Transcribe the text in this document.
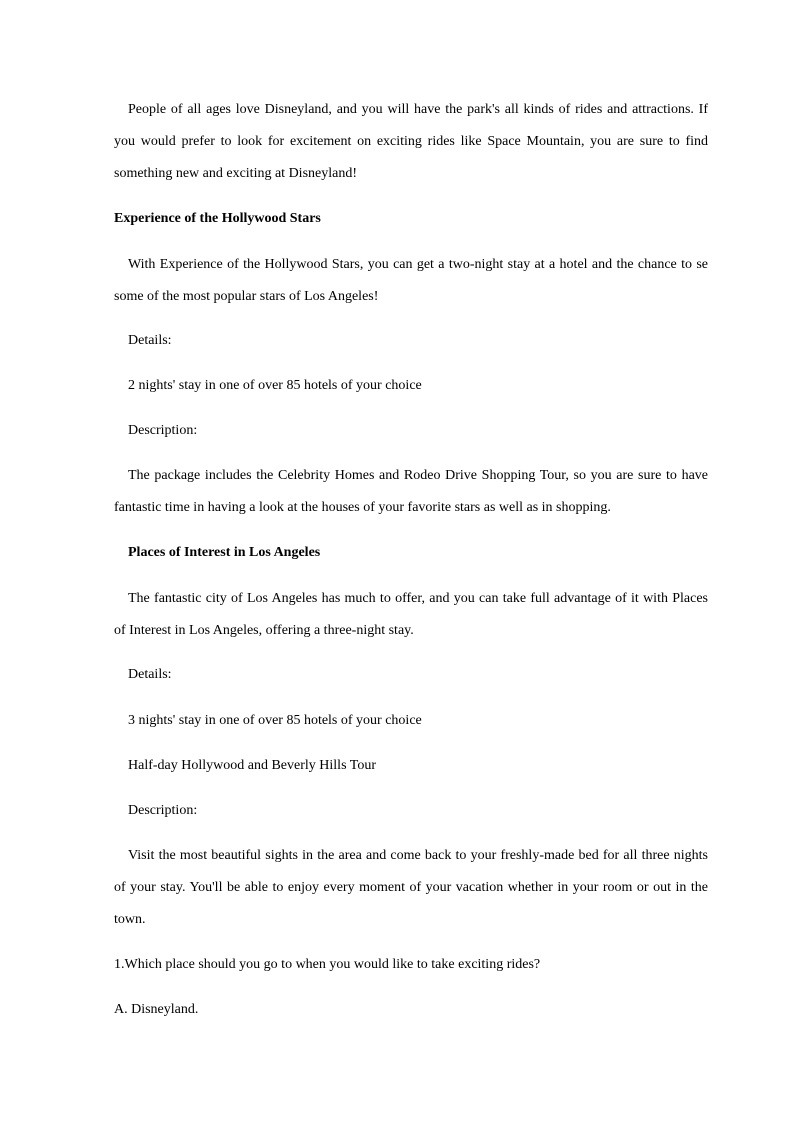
People of all ages love Disneyland, and you will have the park's all kinds of rides and attractions. If you would prefer to look for excitement on exciting rides like Space Mountain, you are sure to find something new and exciting at Disneyland!

Experience of the Hollywood Stars

With Experience of the Hollywood Stars, you can get a two-night stay at a hotel and the chance to se some of the most popular stars of Los Angeles!

Details:
2 nights' stay in one of over 85 hotels of your choice
Description:

The package includes the Celebrity Homes and Rodeo Drive Shopping Tour, so you are sure to have fantastic time in having a look at the houses of your favorite stars as well as in shopping.

Places of Interest in Los Angeles

The fantastic city of Los Angeles has much to offer, and you can take full advantage of it with Places of Interest in Los Angeles, offering a three-night stay.

Details:
3 nights' stay in one of over 85 hotels of your choice
Half-day Hollywood and Beverly Hills Tour
Description:

Visit the most beautiful sights in the area and come back to your freshly-made bed for all three nights of your stay. You'll be able to enjoy every moment of your vacation whether in your room or out in the town.

1.Which place should you go to when you would like to take exciting rides?
A. Disneyland.
